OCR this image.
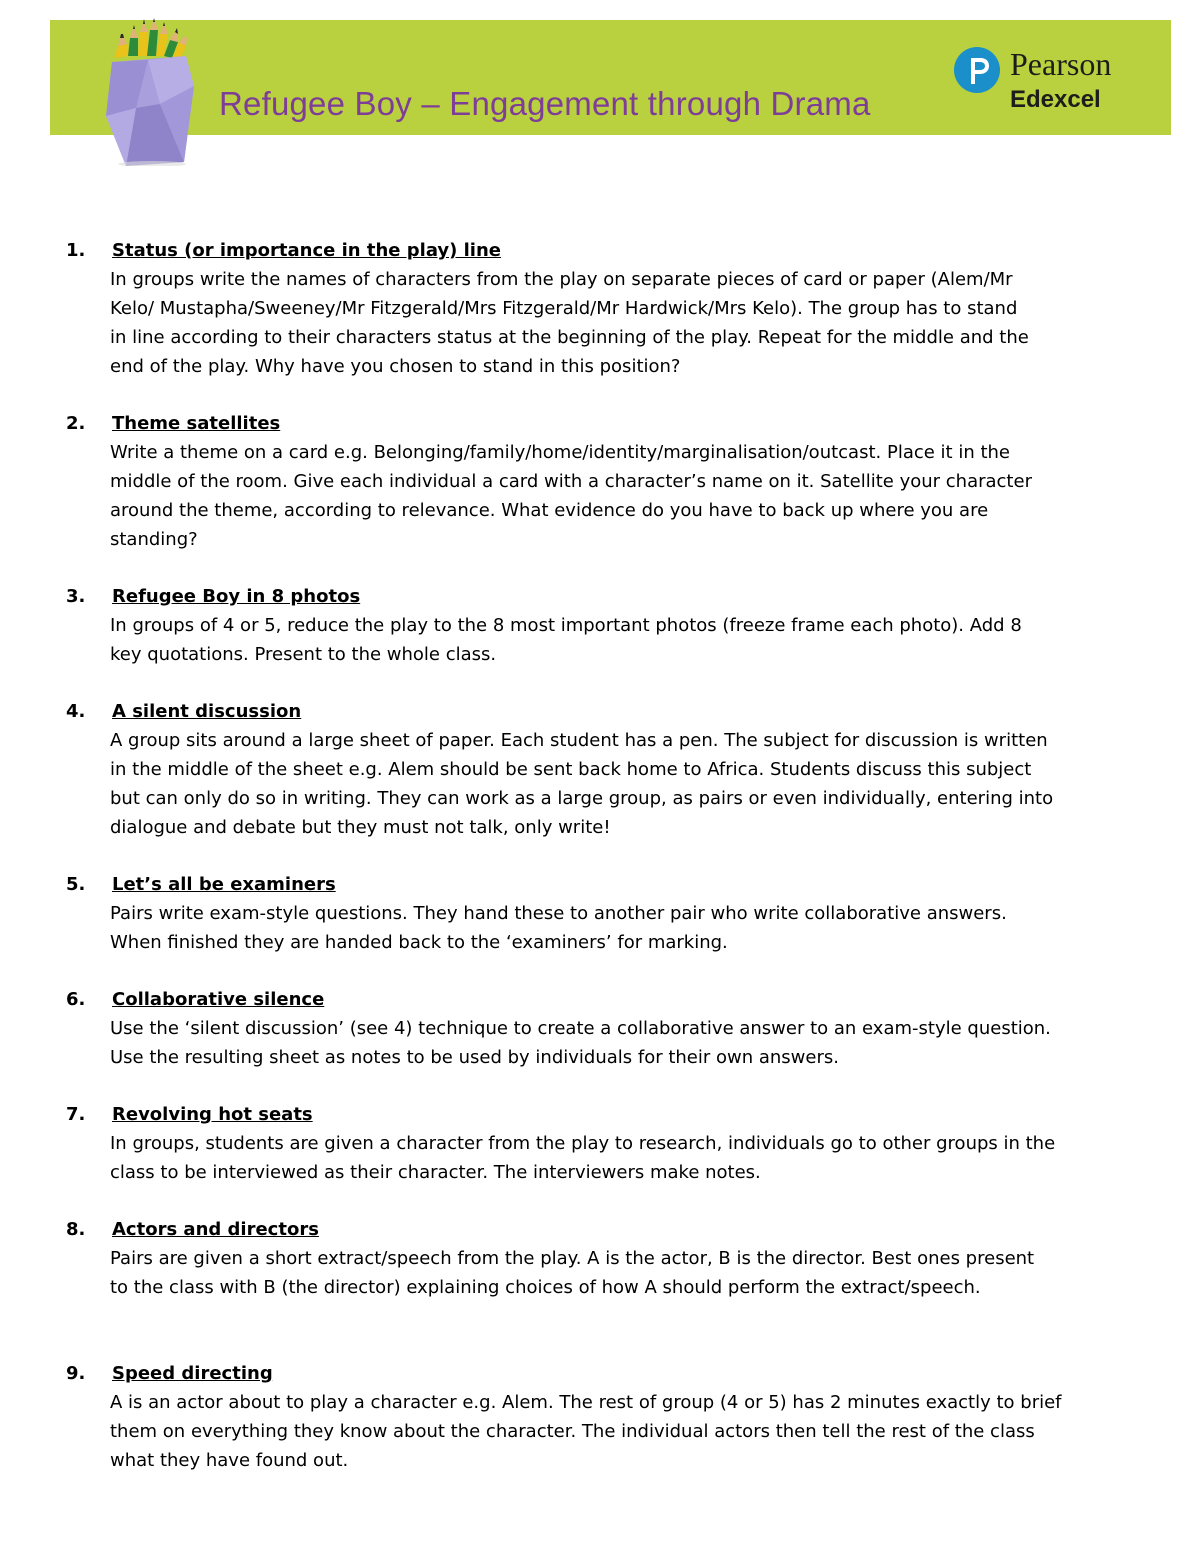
Refugee Boy – Engagement through Drama
Pearson
Edexcel
1. Status (or importance in the play) line
In groups write the names of characters from the play on separate pieces of card or paper (Alem/Mr
Kelo/ Mustapha/Sweeney/Mr Fitzgerald/Mrs Fitzgerald/Mr Hardwick/Mrs Kelo). The group has to stand
in line according to their characters status at the beginning of the play. Repeat for the middle and the
end of the play. Why have you chosen to stand in this position?
2. Theme satellites
Write a theme on a card e.g. Belonging/family/home/identity/marginalisation/outcast. Place it in the
middle of the room. Give each individual a card with a character’s name on it. Satellite your character
around the theme, according to relevance. What evidence do you have to back up where you are
standing?
3. Refugee Boy in 8 photos
In groups of 4 or 5, reduce the play to the 8 most important photos (freeze frame each photo). Add 8
key quotations. Present to the whole class.
4. A silent discussion
A group sits around a large sheet of paper. Each student has a pen. The subject for discussion is written
in the middle of the sheet e.g. Alem should be sent back home to Africa. Students discuss this subject
but can only do so in writing. They can work as a large group, as pairs or even individually, entering into
dialogue and debate but they must not talk, only write!
5. Let’s all be examiners
Pairs write exam-style questions. They hand these to another pair who write collaborative answers.
When finished they are handed back to the ‘examiners’ for marking.
6. Collaborative silence
Use the ‘silent discussion’ (see 4) technique to create a collaborative answer to an exam-style question.
Use the resulting sheet as notes to be used by individuals for their own answers.
7. Revolving hot seats
In groups, students are given a character from the play to research, individuals go to other groups in the
class to be interviewed as their character. The interviewers make notes.
8. Actors and directors
Pairs are given a short extract/speech from the play. A is the actor, B is the director. Best ones present
to the class with B (the director) explaining choices of how A should perform the extract/speech.
9. Speed directing
A is an actor about to play a character e.g. Alem. The rest of group (4 or 5) has 2 minutes exactly to brief
them on everything they know about the character. The individual actors then tell the rest of the class
what they have found out.
